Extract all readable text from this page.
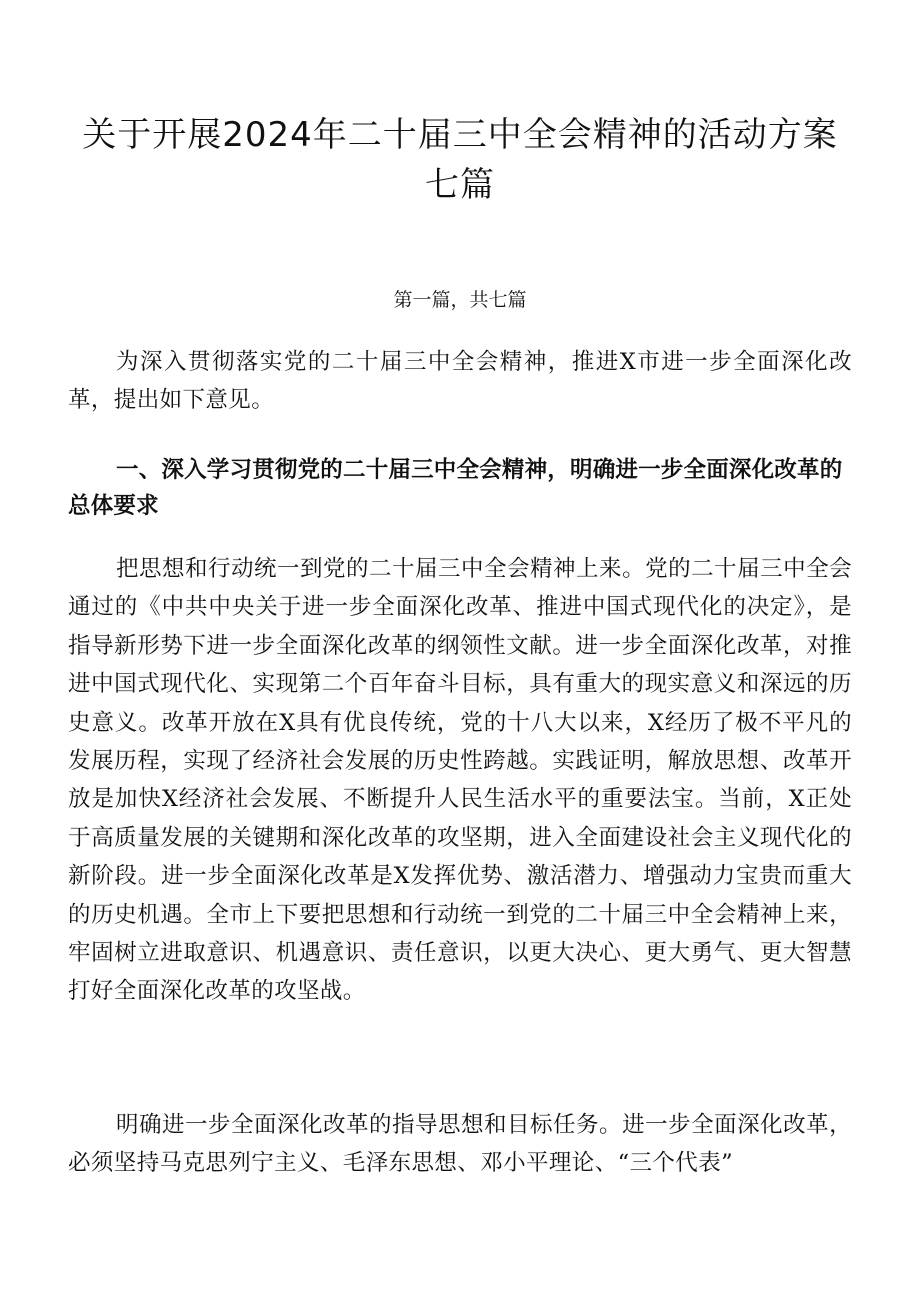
关于开展2024年二十届三中全会精神的活动方案七篇

第一篇，共七篇

为深入贯彻落实党的二十届三中全会精神，推进X市进一步全面深化改革，提出如下意见。

一、深入学习贯彻党的二十届三中全会精神，明确进一步全面深化改革的总体要求

把思想和行动统一到党的二十届三中全会精神上来。党的二十届三中全会通过的《中共中央关于进一步全面深化改革、推进中国式现代化的决定》，是指导新形势下进一步全面深化改革的纲领性文献。进一步全面深化改革，对推进中国式现代化、实现第二个百年奋斗目标，具有重大的现实意义和深远的历史意义。改革开放在X具有优良传统，党的十八大以来，X经历了极不平凡的发展历程，实现了经济社会发展的历史性跨越。实践证明，解放思想、改革开放是加快X经济社会发展、不断提升人民生活水平的重要法宝。当前，X正处于高质量发展的关键期和深化改革的攻坚期，进入全面建设社会主义现代化的新阶段。进一步全面深化改革是X发挥优势、激活潜力、增强动力宝贵而重大的历史机遇。全市上下要把思想和行动统一到党的二十届三中全会精神上来，牢固树立进取意识、机遇意识、责任意识，以更大决心、更大勇气、更大智慧打好全面深化改革的攻坚战。

明确进一步全面深化改革的指导思想和目标任务。进一步全面深化改革，必须坚持马克思列宁主义、毛泽东思想、邓小平理论、“三个代表”
